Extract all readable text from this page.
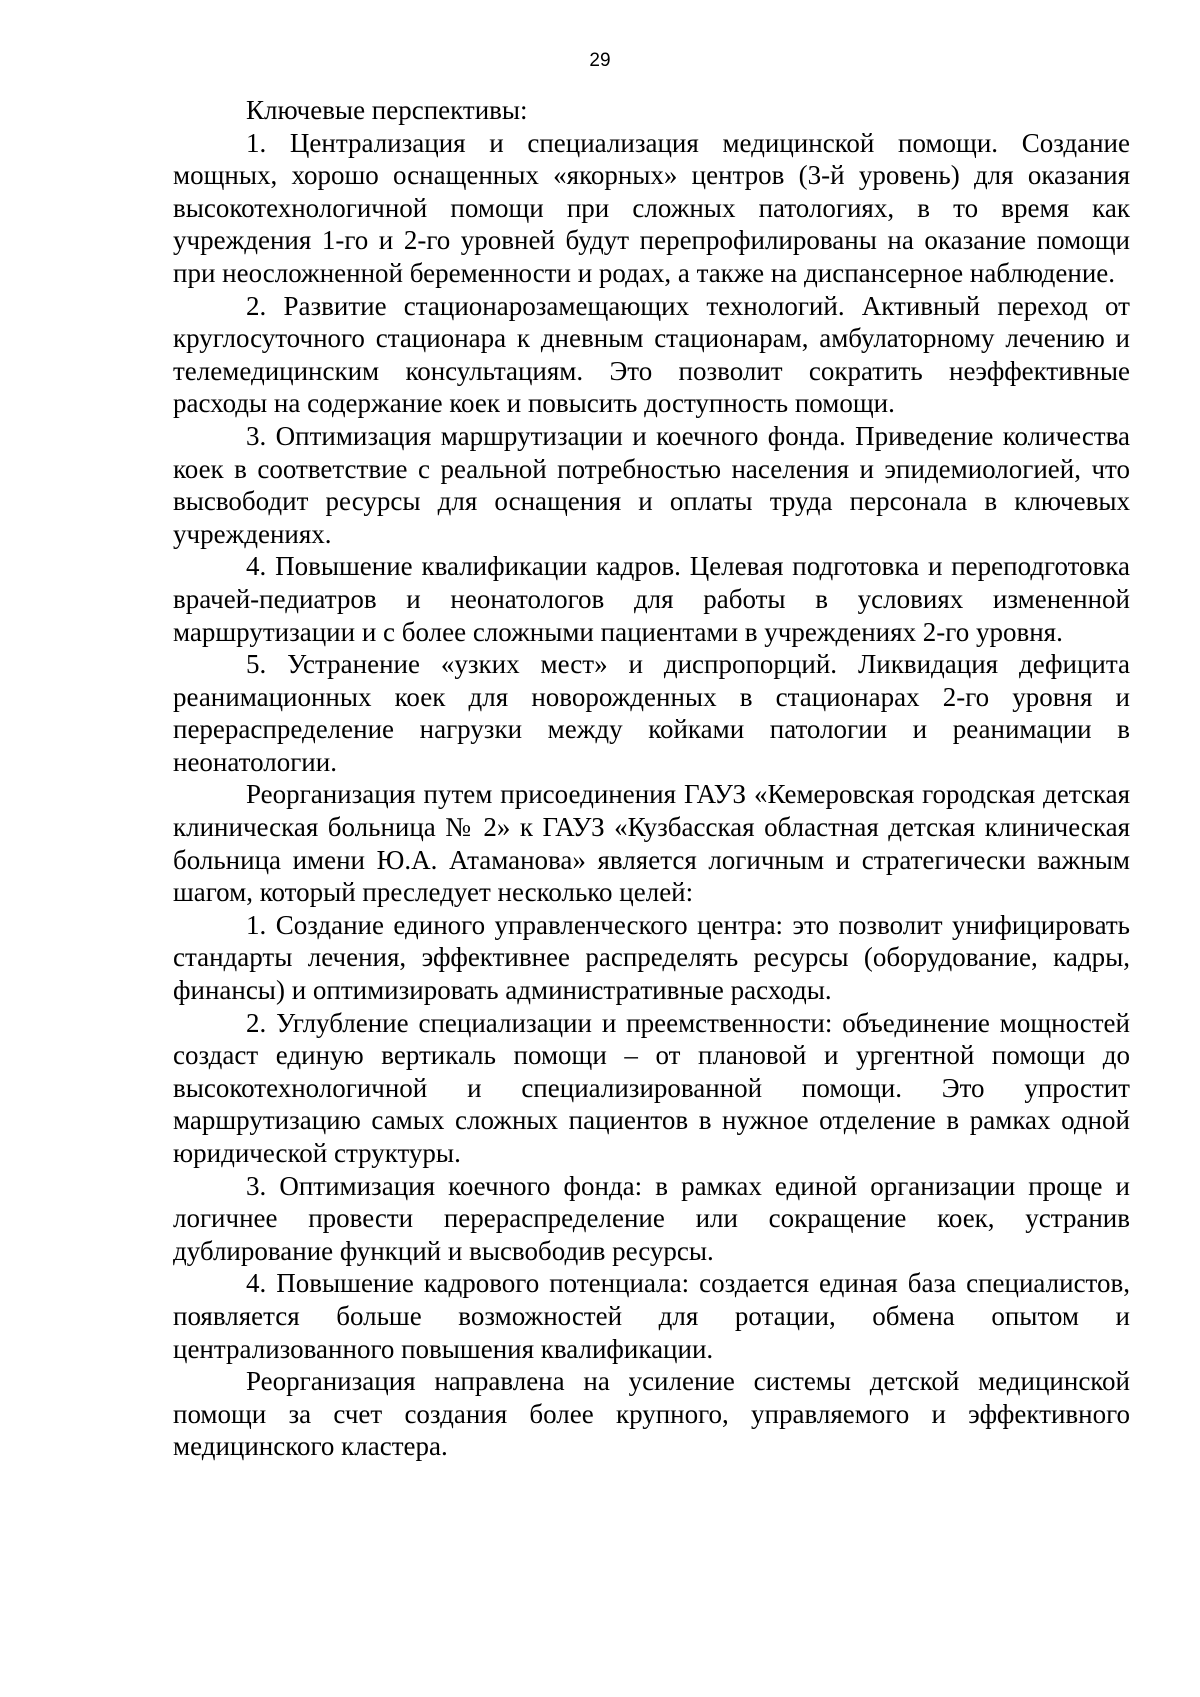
29

Ключевые перспективы:

1. Централизация и специализация медицинской помощи. Создание мощных, хорошо оснащенных «якорных» центров (3-й уровень) для оказания высокотехнологичной помощи при сложных патологиях, в то время как учреждения 1-го и 2-го уровней будут перепрофилированы на оказание помощи при неосложненной беременности и родах, а также на диспансерное наблюдение.

2. Развитие стационарозамещающих технологий. Активный переход от круглосуточного стационара к дневным стационарам, амбулаторному лечению и телемедицинским консультациям. Это позволит сократить неэффективные расходы на содержание коек и повысить доступность помощи.

3. Оптимизация маршрутизации и коечного фонда. Приведение количества коек в соответствие с реальной потребностью населения и эпидемиологией, что высвободит ресурсы для оснащения и оплаты труда персонала в ключевых учреждениях.

4. Повышение квалификации кадров. Целевая подготовка и переподготовка врачей-педиатров и неонатологов для работы в условиях измененной маршрутизации и с более сложными пациентами в учреждениях 2-го уровня.

5. Устранение «узких мест» и диспропорций. Ликвидация дефицита реанимационных коек для новорожденных в стационарах 2-го уровня и перераспределение нагрузки между койками патологии и реанимации в неонатологии.

Реорганизация путем присоединения ГАУЗ «Кемеровская городская детская клиническая больница № 2» к ГАУЗ «Кузбасская областная детская клиническая больница имени Ю.А. Атаманова» является логичным и стратегически важным шагом, который преследует несколько целей:

1. Создание единого управленческого центра: это позволит унифицировать стандарты лечения, эффективнее распределять ресурсы (оборудование, кадры, финансы) и оптимизировать административные расходы.

2. Углубление специализации и преемственности: объединение мощностей создаст единую вертикаль помощи – от плановой и ургентной помощи до высокотехнологичной и специализированной помощи. Это упростит маршрутизацию самых сложных пациентов в нужное отделение в рамках одной юридической структуры.

3. Оптимизация коечного фонда: в рамках единой организации проще и логичнее провести перераспределение или сокращение коек, устранив дублирование функций и высвободив ресурсы.

4. Повышение кадрового потенциала: создается единая база специалистов, появляется больше возможностей для ротации, обмена опытом и централизованного повышения квалификации.

Реорганизация направлена на усиление системы детской медицинской помощи за счет создания более крупного, управляемого и эффективного медицинского кластера.
